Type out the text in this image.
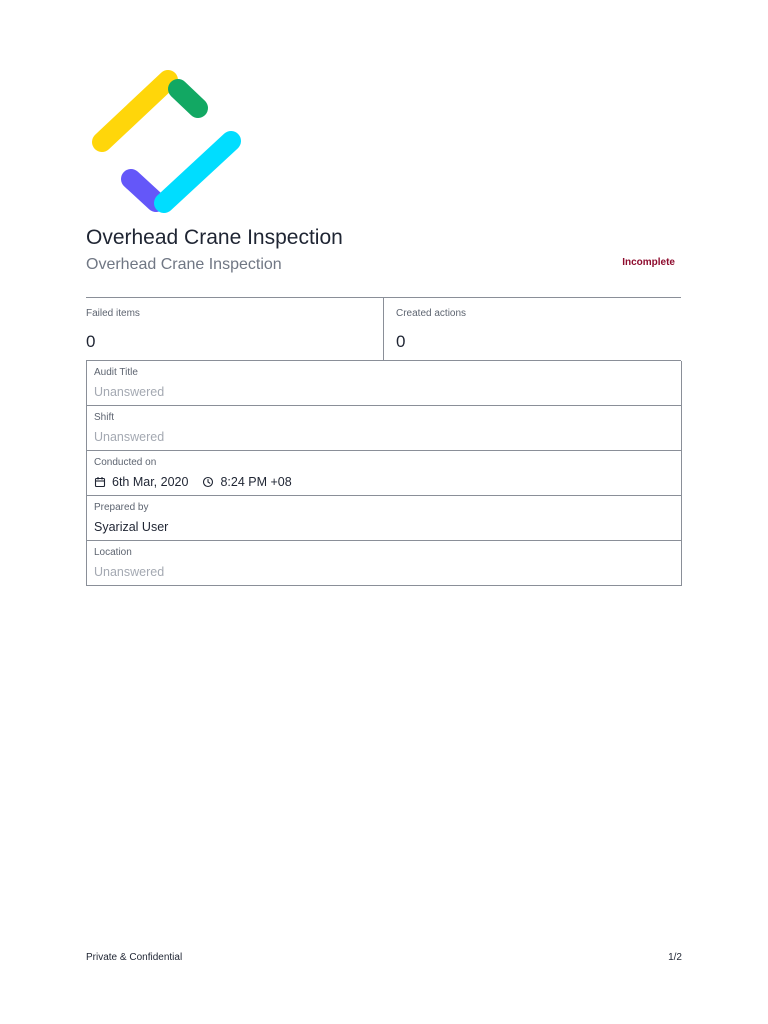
Overhead Crane Inspection
Overhead Crane Inspection	Incomplete
Failed items
0
Created actions
0
Audit Title
Unanswered
Shift
Unanswered
Conducted on
6th Mar, 2020	8:24 PM +08
Prepared by
Syarizal User
Location
Unanswered
Private & Confidential	1/2
